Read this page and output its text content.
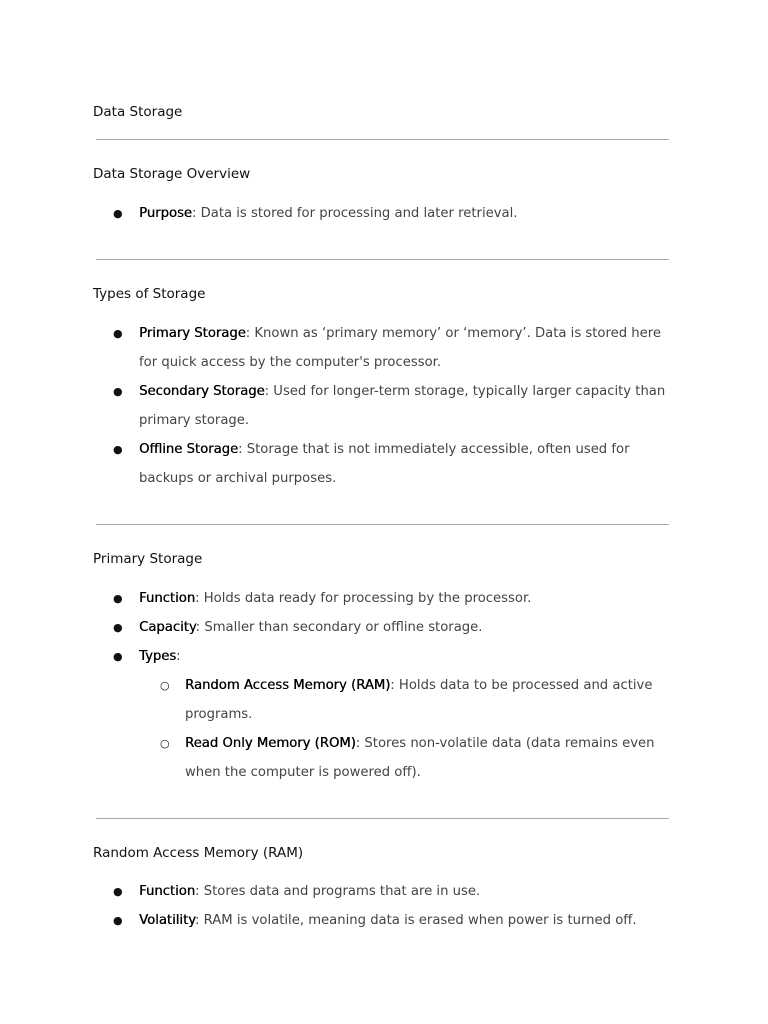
Data Storage
Data Storage Overview
● Purpose: Data is stored for processing and later retrieval.

Types of Storage
● Primary Storage: Known as ‘primary memory’ or ‘memory’. Data is stored here for quick access by the computer's processor.

● Secondary Storage: Used for longer-term storage, typically larger capacity than primary storage.

● Offline Storage: Storage that is not immediately accessible, often used for backups or archival purposes.

Primary Storage
● Function: Holds data ready for processing by the processor.

● Capacity: Smaller than secondary or offline storage.

● Types:

○ Random Access Memory (RAM): Holds data to be processed and active programs.

○ Read Only Memory (ROM): Stores non-volatile data (data remains even when the computer is powered off).

Random Access Memory (RAM)
● Function: Stores data and programs that are in use.

● Volatility: RAM is volatile, meaning data is erased when power is turned off.
